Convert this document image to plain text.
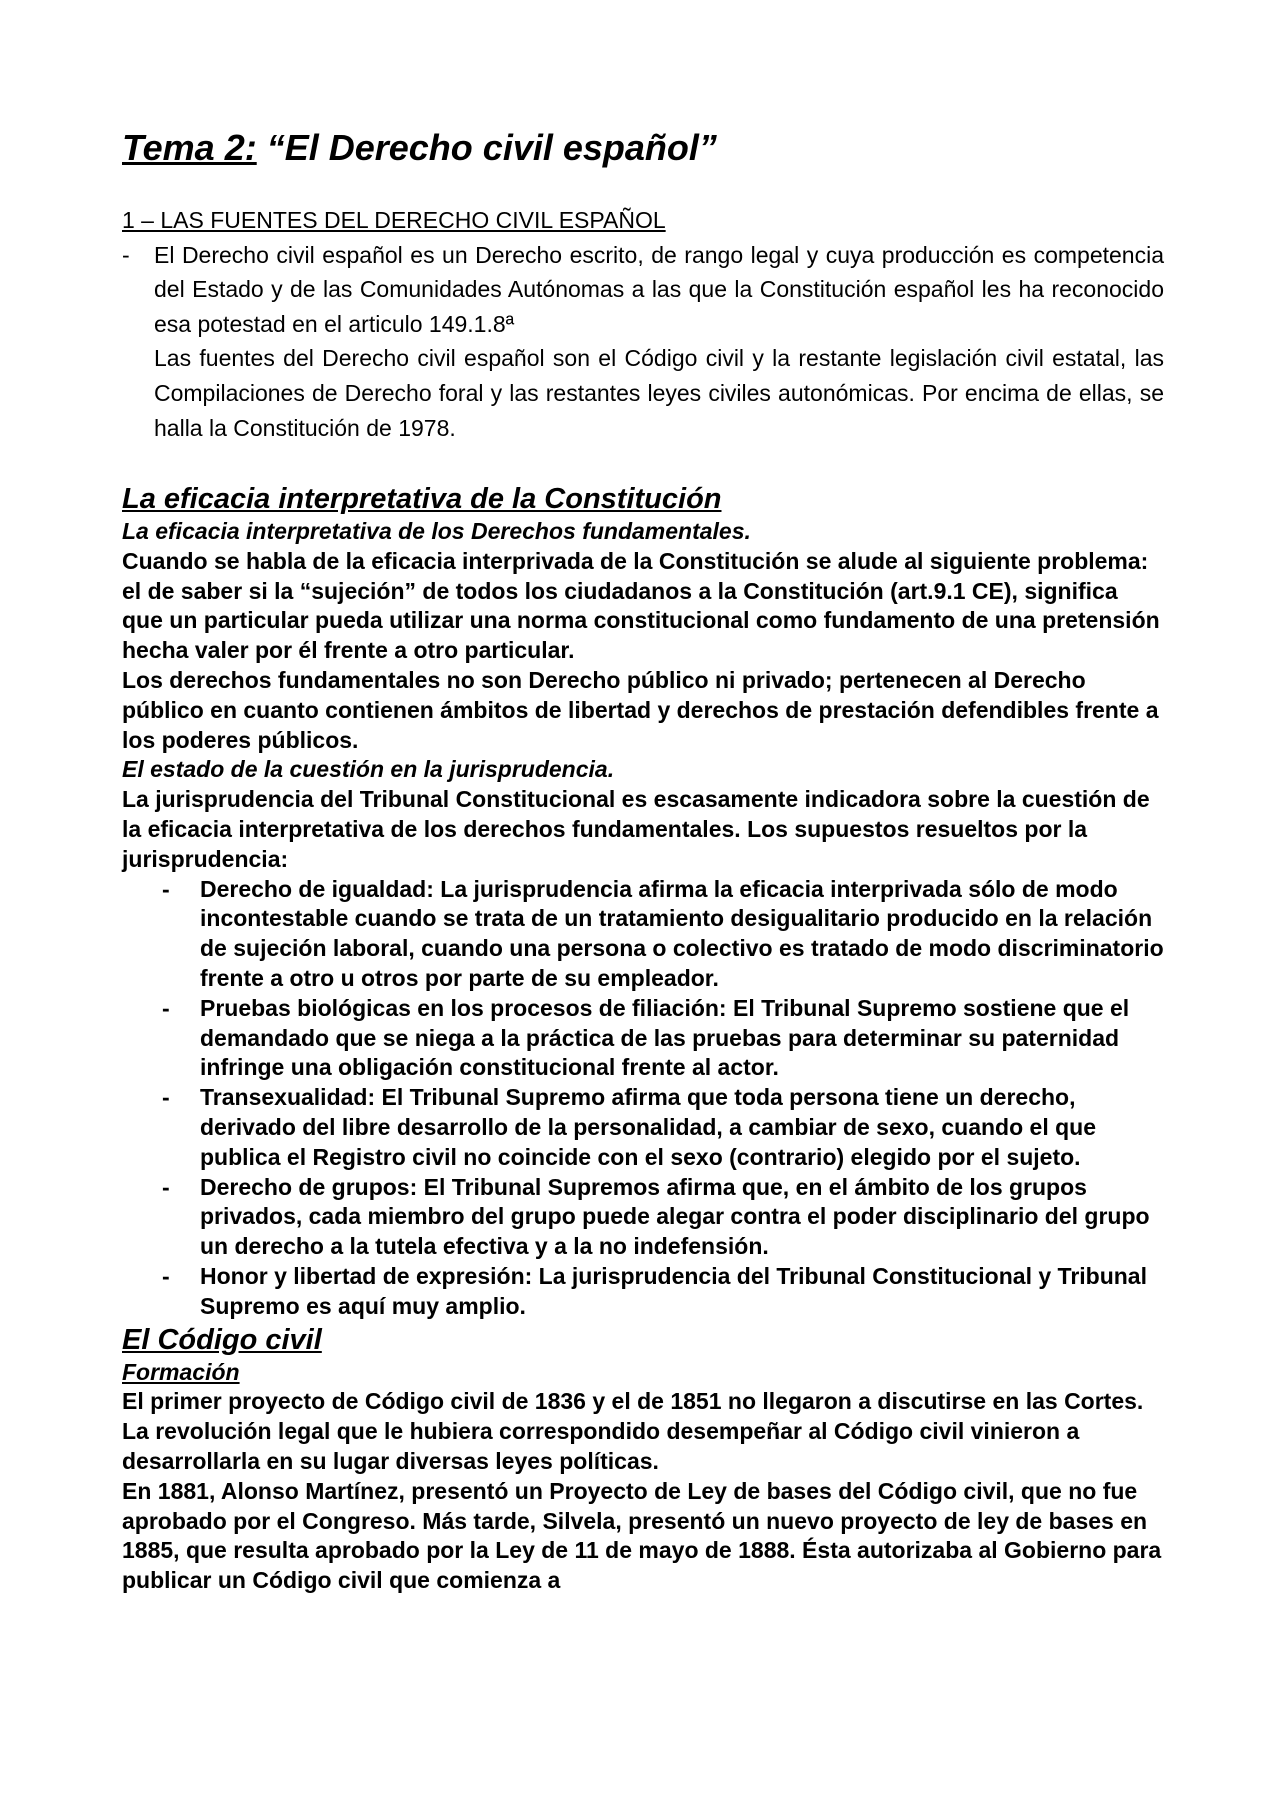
Tema 2: “El Derecho civil español”
1 – LAS FUENTES DEL DERECHO CIVIL ESPAÑOL
- El Derecho civil español es un Derecho escrito, de rango legal y cuya producción es competencia del Estado y de las Comunidades Autónomas a las que la Constitución español les ha reconocido esa potestad en el articulo 149.1.8ª

Las fuentes del Derecho civil español son el Código civil y la restante legislación civil estatal, las Compilaciones de Derecho foral y las restantes leyes civiles autonómicas. Por encima de ellas, se halla la Constitución de 1978.

La eficacia interpretativa de la Constitución
La eficacia interpretativa de los Derechos fundamentales.

Cuando se habla de la eficacia interprivada de la Constitución se alude al siguiente problema: el de saber si la “sujeción” de todos los ciudadanos a la Constitución (art.9.1 CE), significa que un particular pueda utilizar una norma constitucional como fundamento de una pretensión hecha valer por él frente a otro particular.

Los derechos fundamentales no son Derecho público ni privado; pertenecen al Derecho público en cuanto contienen ámbitos de libertad y derechos de prestación defendibles frente a los poderes públicos.

El estado de la cuestión en la jurisprudencia.

La jurisprudencia del Tribunal Constitucional es escasamente indicadora sobre la cuestión de la eficacia interpretativa de los derechos fundamentales. Los supuestos resueltos por la jurisprudencia:

- Derecho de igualdad: La jurisprudencia afirma la eficacia interprivada sólo de modo incontestable cuando se trata de un tratamiento desigualitario producido en la relación de sujeción laboral, cuando una persona o colectivo es tratado de modo discriminatorio frente a otro u otros por parte de su empleador.
- Pruebas biológicas en los procesos de filiación: El Tribunal Supremo sostiene que el demandado que se niega a la práctica de las pruebas para determinar su paternidad infringe una obligación constitucional frente al actor.
- Transexualidad: El Tribunal Supremo afirma que toda persona tiene un derecho, derivado del libre desarrollo de la personalidad, a cambiar de sexo, cuando el que publica el Registro civil no coincide con el sexo (contrario) elegido por el sujeto.
- Derecho de grupos: El Tribunal Supremos afirma que, en el ámbito de los grupos privados, cada miembro del grupo puede alegar contra el poder disciplinario del grupo un derecho a la tutela efectiva y a la no indefensión.
- Honor y libertad de expresión: La jurisprudencia del Tribunal Constitucional y Tribunal Supremo es aquí muy amplio.
El Código civil
Formación

El primer proyecto de Código civil de 1836 y el de 1851 no llegaron a discutirse en las Cortes. La revolución legal que le hubiera correspondido desempeñar al Código civil vinieron a desarrollarla en su lugar diversas leyes políticas.

En 1881, Alonso Martínez, presentó un Proyecto de Ley de bases del Código civil, que no fue aprobado por el Congreso. Más tarde, Silvela, presentó un nuevo proyecto de ley de bases en 1885, que resulta aprobado por la Ley de 11 de mayo de 1888. Ésta autorizaba al Gobierno para publicar un Código civil que comienza a
